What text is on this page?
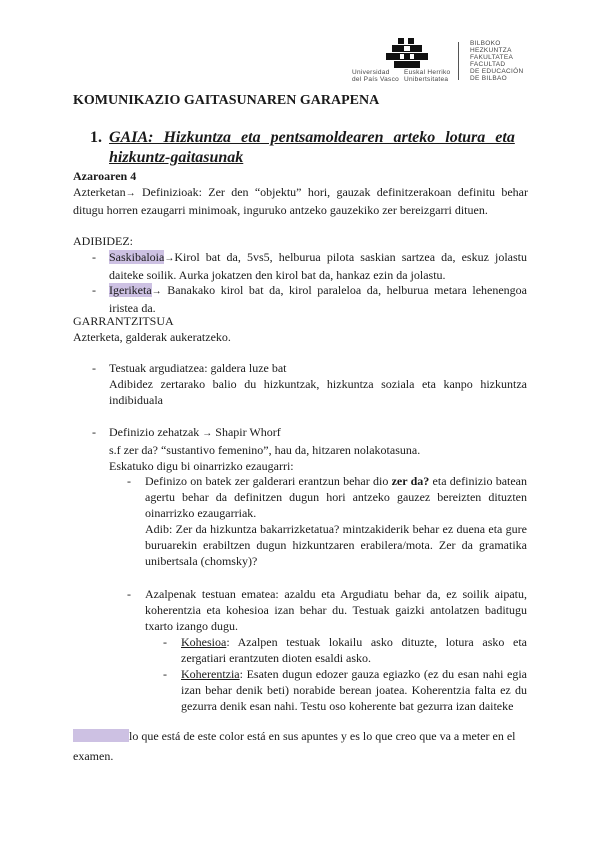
Universidad
del País Vasco
Euskal Herriko
Unibertsitatea
BILBOKO
HEZKUNTZA
FAKULTATEA
FACULTAD
DE EDUCACIÓN
DE BILBAO
KOMUNIKAZIO GAITASUNAREN GARAPENA
1. GAIA: Hizkuntza eta pentsamoldearen arteko lotura eta
hizkuntz-gaitasunak
Azaroaren 4
Azterketan→ Definizioak: Zer den “objektu” hori, gauzak definitzerakoan definitu behar
ditugu horren ezaugarri minimoak, inguruko antzeko gauzekiko zer bereizgarri dituen.
ADIBIDEZ:
-	Saskibaloia→Kirol bat da, 5vs5, helburua pilota saskian sartzea da, eskuz jolastu
daiteke soilik. Aurka jokatzen den kirol bat da, hankaz ezin da jolastu.
-	Igeriketa→ Banakako kirol bat da, kirol paraleloa da, helburua metara lehenengoa
iristea da.
GARRANTZITSUA
Azterketa, galderak aukeratzeko.
-	Testuak argudiatzea: galdera luze bat
Adibidez zertarako balio du hizkuntzak, hizkuntza soziala eta kanpo hizkuntza
indibiduala
-	Definizio zehatzak → Shapir Whorf
s.f zer da? “sustantivo femenino”, hau da, hitzaren nolakotasuna.
Eskatuko digu bi oinarrizko ezaugarri:
-	Definizo on batek zer galderari erantzun behar dio zer da? eta definizio batean
agertu behar da definitzen dugun hori antzeko gauzez bereizten dituzten
oinarrizko ezaugarriak.
Adib: Zer da hizkuntza bakarrizketatua? mintzakiderik behar ez duena eta gure
buruarekin erabiltzen dugun hizkuntzaren erabilera/mota. Zer da gramatika
unibertsala (chomsky)?
-	Azalpenak testuan ematea: azaldu eta Argudiatu behar da, ez soilik aipatu,
koherentzia eta kohesioa izan behar du. Testuak gaizki antolatzen baditugu
txarto izango dugu.
-	Kohesioa: Azalpen testuak lokailu asko dituzte, lotura asko eta
zergatiari erantzuten dioten esaldi asko.
-	Koherentzia: Esaten dugun edozer gauza egiazko (ez du esan nahi egia
izan behar denik beti) norabide berean joatea. Koherentzia falta ez du
gezurra denik esan nahi. Testu oso koherente bat gezurra izan daiteke
lo que está de este color está en sus apuntes y es lo que creo que va a meter en el
examen.
